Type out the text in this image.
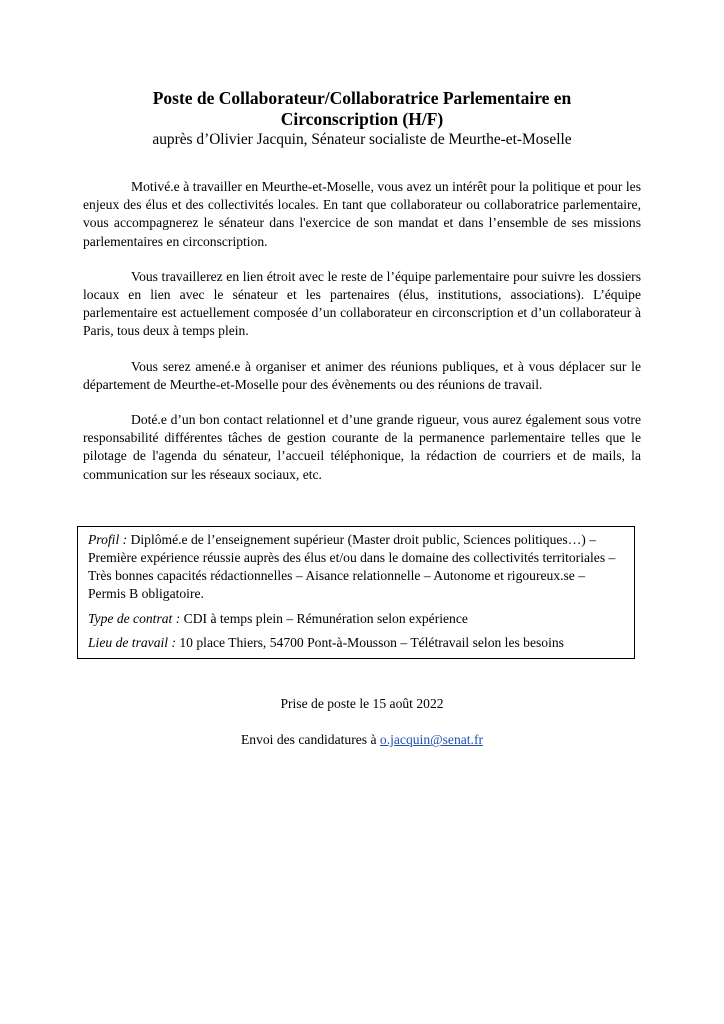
Poste de Collaborateur/Collaboratrice Parlementaire en Circonscription (H/F)

auprès d’Olivier Jacquin, Sénateur socialiste de Meurthe-et-Moselle

Motivé.e à travailler en Meurthe-et-Moselle, vous avez un intérêt pour la politique et pour les enjeux des élus et des collectivités locales. En tant que collaborateur ou collaboratrice parlementaire, vous accompagnerez le sénateur dans l'exercice de son mandat et dans l’ensemble de ses missions parlementaires en circonscription.

Vous travaillerez en lien étroit avec le reste de l’équipe parlementaire pour suivre les dossiers locaux en lien avec le sénateur et les partenaires (élus, institutions, associations). L’équipe parlementaire est actuellement composée d’un collaborateur en circonscription et d’un collaborateur à Paris, tous deux à temps plein.

Vous serez amené.e à organiser et animer des réunions publiques, et à vous déplacer sur le département de Meurthe-et-Moselle pour des évènements ou des réunions de travail.

Doté.e d’un bon contact relationnel et d’une grande rigueur, vous aurez également sous votre responsabilité différentes tâches de gestion courante de la permanence parlementaire telles que le pilotage de l'agenda du sénateur, l’accueil téléphonique, la rédaction de courriers et de mails, la communication sur les réseaux sociaux, etc.

Profil : Diplômé.e de l’enseignement supérieur (Master droit public, Sciences politiques…) – Première expérience réussie auprès des élus et/ou dans le domaine des collectivités territoriales – Très bonnes capacités rédactionnelles – Aisance relationnelle – Autonome et rigoureux.se – Permis B obligatoire.

Type de contrat : CDI à temps plein – Rémunération selon expérience

Lieu de travail : 10 place Thiers, 54700 Pont-à-Mousson – Télétravail selon les besoins

Prise de poste le 15 août 2022

Envoi des candidatures à o.jacquin@senat.fr
